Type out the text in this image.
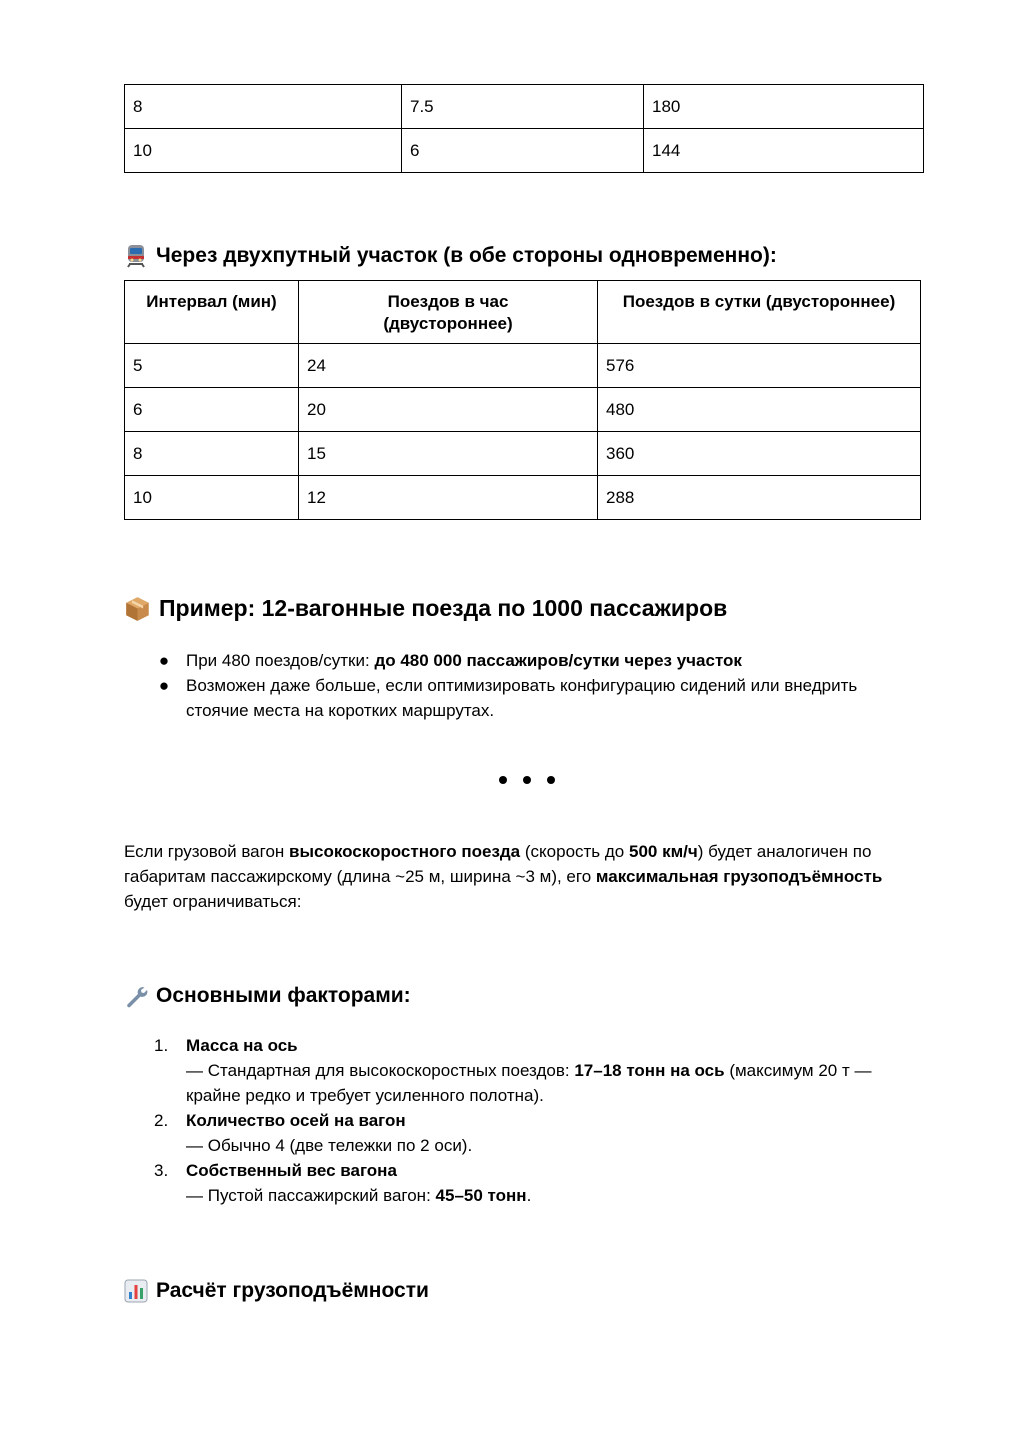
8	7.5	180
10	6	144
Через двухпутный участок (в обе стороны одновременно):
Интервал (мин)	Поездов в час (двустороннее)	Поездов в сутки (двустороннее)
5	24	576
6	20	480
8	15	360
10	12	288
Пример: 12-вагонные поезда по 1000 пассажиров
● При 480 поездов/сутки: до 480 000 пассажиров/сутки через участок
● Возможен даже больше, если оптимизировать конфигурацию сидений или внедрить стоячие места на коротких маршрутах.

Если грузовой вагон высокоскоростного поезда (скорость до 500 км/ч) будет аналогичен по габаритам пассажирскому (длина ~25 м, ширина ~3 м), его максимальная грузоподъёмность будет ограничиваться:

Основными факторами:
1.	Масса на ось
— Стандартная для высокоскоростных поездов: 17–18 тонн на ось (максимум 20 т — крайне редко и требует усиленного полотна).
2.	Количество осей на вагон
— Обычно 4 (две тележки по 2 оси).
3.	Собственный вес вагона
— Пустой пассажирский вагон: 45–50 тонн.
Расчёт грузоподъёмности
